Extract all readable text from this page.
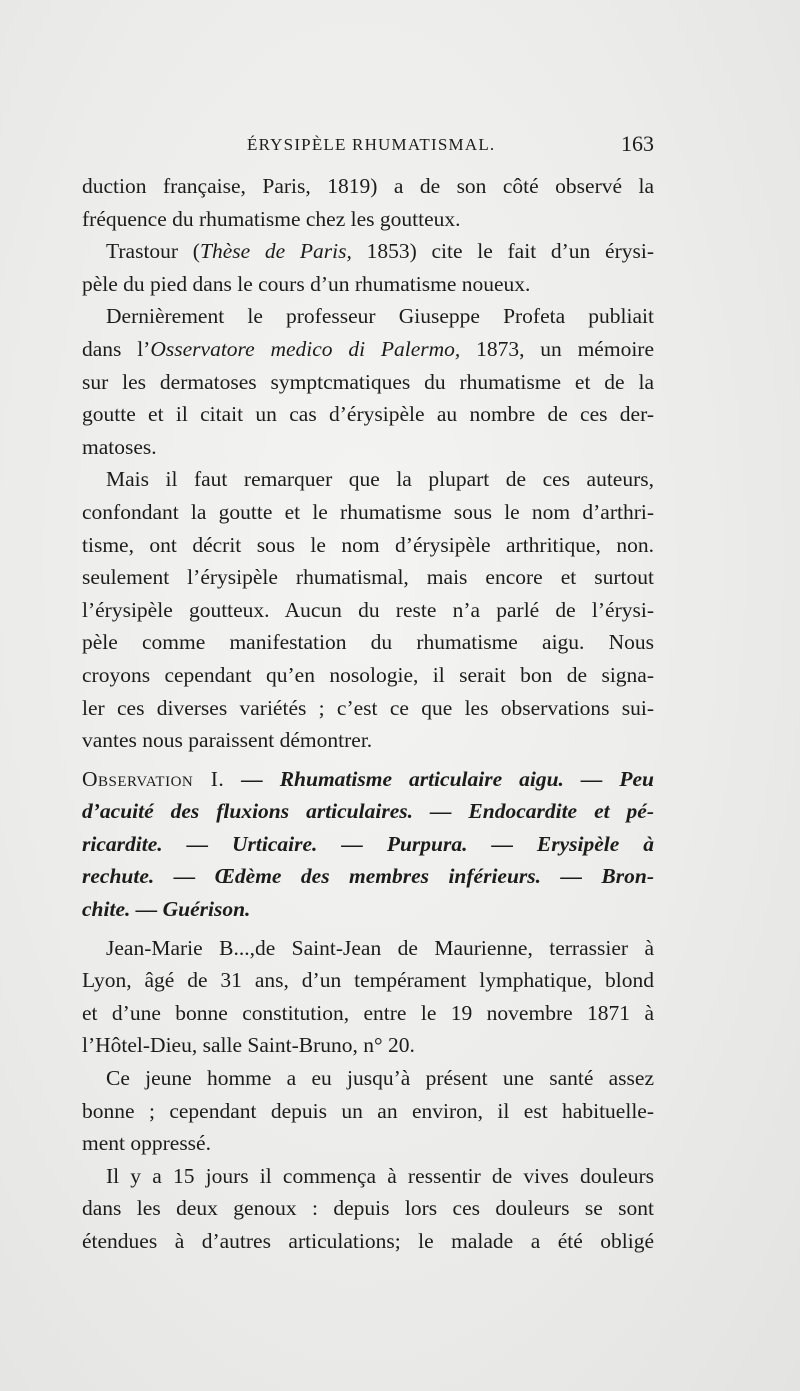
ÉRYSIPÈLE RHUMATISMAL.	163
duction française, Paris, 1819) a de son côté observé la
fréquence du rhumatisme chez les goutteux.
Trastour (Thèse de Paris, 1853) cite le fait d’un érysi-
pèle du pied dans le cours d’un rhumatisme noueux.
Dernièrement le professeur Giuseppe Profeta publiait
dans l’Osservatore medico di Palermo, 1873, un mémoire
sur les dermatoses symptcmatiques du rhumatisme et de la
goutte et il citait un cas d’érysipèle au nombre de ces der-
matoses.
Mais il faut remarquer que la plupart de ces auteurs,
confondant la goutte et le rhumatisme sous le nom d’arthri-
tisme, ont décrit sous le nom d’érysipèle arthritique, non.
seulement l’érysipèle rhumatismal, mais encore et surtout
l’érysipèle goutteux. Aucun du reste n’a parlé de l’érysi-
pèle comme manifestation du rhumatisme aigu. Nous
croyons cependant qu’en nosologie, il serait bon de signa-
ler ces diverses variétés ; c’est ce que les observations sui-
vantes nous paraissent démontrer.
Observation I. — Rhumatisme articulaire aigu. — Peu
d’acuité des fluxions articulaires. — Endocardite et pé-
ricardite. — Urticaire. — Purpura. — Erysipèle à
rechute. — Œdème des membres inférieurs. — Bron-
chite. — Guérison.
Jean-Marie B...,de Saint-Jean de Maurienne, terrassier à
Lyon, âgé de 31 ans, d’un tempérament lymphatique, blond
et d’une bonne constitution, entre le 19 novembre 1871 à
l’Hôtel-Dieu, salle Saint-Bruno, n° 20.
Ce jeune homme a eu jusqu’à présent une santé assez
bonne ; cependant depuis un an environ, il est habituelle-
ment oppressé.
Il y a 15 jours il commença à ressentir de vives douleurs
dans les deux genoux : depuis lors ces douleurs se sont
étendues à d’autres articulations; le malade a été obligé
